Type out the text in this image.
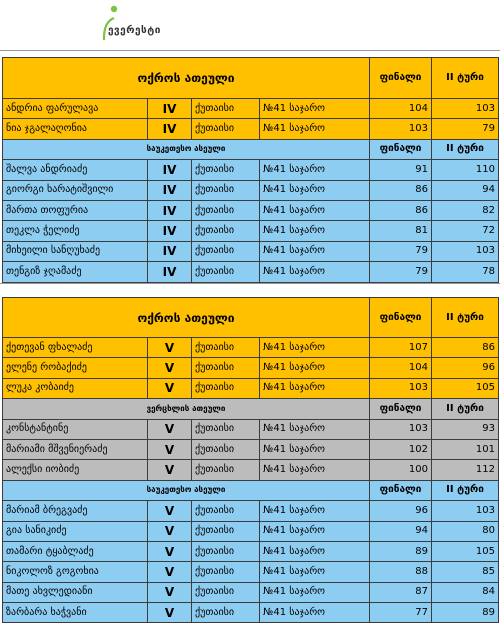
ევერესტი
ოქროს ათეული				ფინალი	II ტური
ანდრია ფარულავა	IV	ქუთაისი	№41 საჯარო	104	103
ნია ჯგალაღონია	IV	ქუთაისი	№41 საჯარო	103	79
საუკეთესო ასეული				ფინალი	II ტური
შალვა ანდრიაძე	IV	ქუთაისი	№41 საჯარო	91	110
გიორგი ხარატიშვილი	IV	ქუთაისი	№41 საჯარო	86	94
მართა თოფურია	IV	ქუთაისი	№41 საჯარო	86	82
თეკლა ჭელიძე	IV	ქუთაისი	№41 საჯარო	81	72
მიხეილი სანღუხაძე	IV	ქუთაისი	№41 საჯარო	79	103
თენგიზ ჯღამაძე	IV	ქუთაისი	№41 საჯარო	79	78
ოქროს ათეული				ფინალი	II ტური
ქეთევან ფხალაძე	V	ქუთაისი	№41 საჯარო	107	86
ელენე რობაქიძე	V	ქუთაისი	№41 საჯარო	104	96
ლუკა კობაიძე	V	ქუთაისი	№41 საჯარო	103	105
ვერცხლის ათეული				ფინალი	II ტური
კონსტანტინე	V	ქუთაისი	№41 საჯარო	103	93
მარიამი მშვენიერაძე	V	ქუთაისი	№41 საჯარო	102	101
ალექსი იობიძე	V	ქუთაისი	№41 საჯარო	100	112
საუკეთესო ასეული				ფინალი	II ტური
მარიამ ბრეგვაძე	V	ქუთაისი	№41 საჯარო	96	103
გია სანიკიძე	V	ქუთაისი	№41 საჯარო	94	80
თამარი ტყაბლაძე	V	ქუთაისი	№41 საჯარო	89	105
ნიკოლოზ გოგოხია	V	ქუთაისი	№41 საჯარო	88	85
მათე ახვლედიანი	V	ქუთაისი	№41 საჯარო	87	84
ზარბარა ხაჭვანი	V	ქუთაისი	№41 საჯარო	77	89
